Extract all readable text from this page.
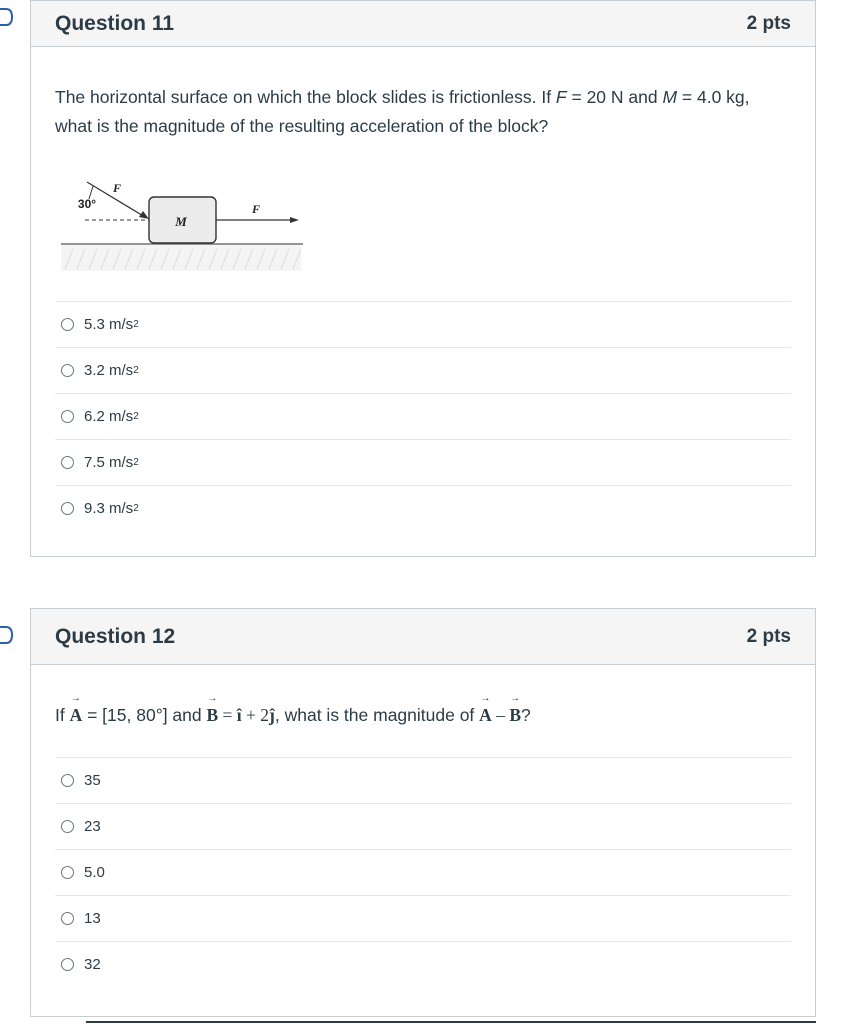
Question 11	2 pts
The horizontal surface on which the block slides is frictionless. If F = 20 N and M = 4.0 kg, what is the magnitude of the resulting acceleration of the block?
M
30°
F
F
5.3 m/s 2
3.2 m/s 2
6.2 m/s 2
7.5 m/s 2
9.3 m/s 2
Question 12	2 pts
If
→
A = [15, 80°] and
→
B = î + 2ĵ, what is the magnitude of
→
A –
→
B?
35
23
5.0
13
32
